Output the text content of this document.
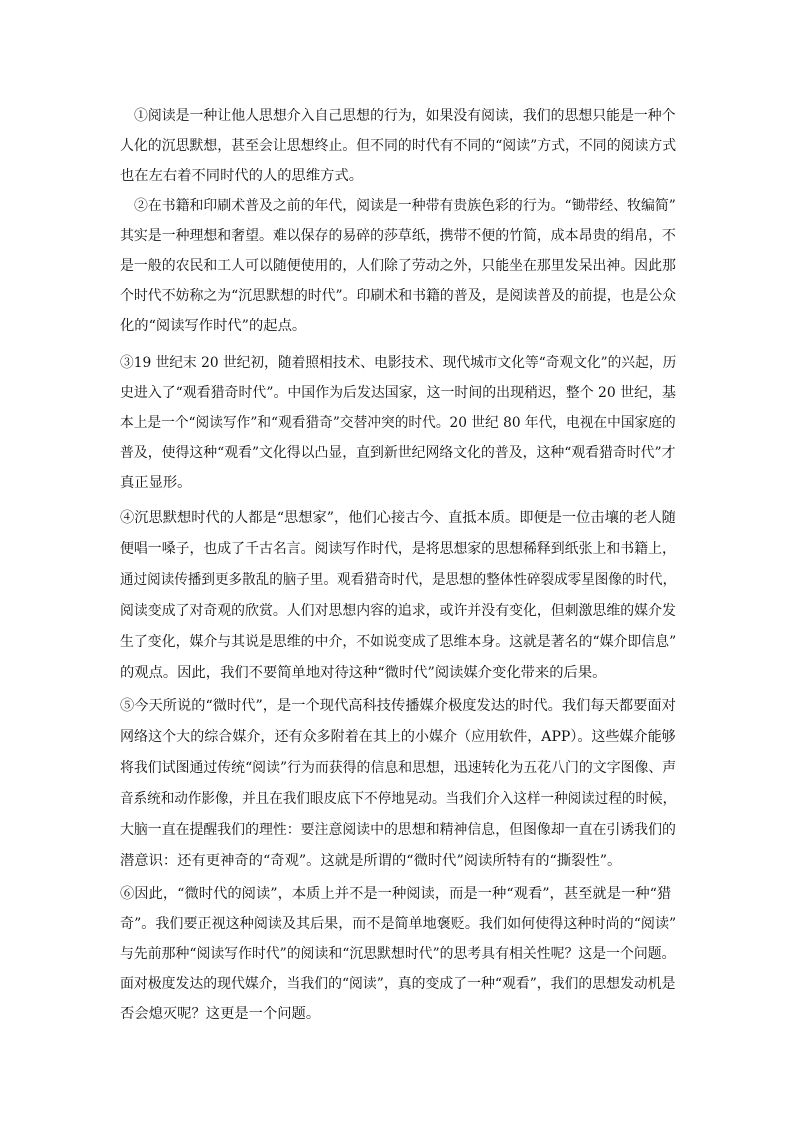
①阅读是一种让他人思想介入自己思想的行为，如果没有阅读，我们的思想只能是一种个
人化的沉思默想，甚至会让思想终止。但不同的时代有不同的“阅读”方式，不同的阅读方式
也在左右着不同时代的人的思维方式。
②在书籍和印刷术普及之前的年代，阅读是一种带有贵族色彩的行为。“锄带经、牧编简”
其实是一种理想和奢望。难以保存的易碎的莎草纸，携带不便的竹简，成本昂贵的绢帛，不
是一般的农民和工人可以随便使用的，人们除了劳动之外，只能坐在那里发呆出神。因此那
个时代不妨称之为“沉思默想的时代”。印刷术和书籍的普及，是阅读普及的前提，也是公众
化的“阅读写作时代”的起点。
③19 世纪末 20 世纪初，随着照相技术、电影技术、现代城市文化等“奇观文化”的兴起，历
史进入了“观看猎奇时代”。中国作为后发达国家，这一时间的出现稍迟，整个 20 世纪，基
本上是一个“阅读写作”和“观看猎奇”交替冲突的时代。20 世纪 80 年代，电视在中国家庭的
普及，使得这种“观看”文化得以凸显，直到新世纪网络文化的普及，这种“观看猎奇时代”才
真正显形。
④沉思默想时代的人都是“思想家”，他们心接古今、直抵本质。即便是一位击壤的老人随
便唱一嗓子，也成了千古名言。阅读写作时代，是将思想家的思想稀释到纸张上和书籍上，
通过阅读传播到更多散乱的脑子里。观看猎奇时代，是思想的整体性碎裂成零星图像的时代，
阅读变成了对奇观的欣赏。人们对思想内容的追求，或许并没有变化，但刺激思维的媒介发
生了变化，媒介与其说是思维的中介，不如说变成了思维本身。这就是著名的“媒介即信息”
的观点。因此，我们不要简单地对待这种“微时代”阅读媒介变化带来的后果。
⑤今天所说的“微时代”，是一个现代高科技传播媒介极度发达的时代。我们每天都要面对
网络这个大的综合媒介，还有众多附着在其上的小媒介（应用软件，APP）。这些媒介能够
将我们试图通过传统“阅读”行为而获得的信息和思想，迅速转化为五花八门的文字图像、声
音系统和动作影像，并且在我们眼皮底下不停地晃动。当我们介入这样一种阅读过程的时候，
大脑一直在提醒我们的理性：要注意阅读中的思想和精神信息，但图像却一直在引诱我们的
潜意识：还有更神奇的“奇观”。这就是所谓的“微时代”阅读所特有的“撕裂性”。
⑥因此，“微时代的阅读”，本质上并不是一种阅读，而是一种“观看”，甚至就是一种“猎
奇”。我们要正视这种阅读及其后果，而不是简单地褒贬。我们如何使得这种时尚的“阅读”
与先前那种“阅读写作时代”的阅读和“沉思默想时代”的思考具有相关性呢？这是一个问题。
面对极度发达的现代媒介，当我们的“阅读”，真的变成了一种“观看”，我们的思想发动机是
否会熄灭呢？这更是一个问题。
